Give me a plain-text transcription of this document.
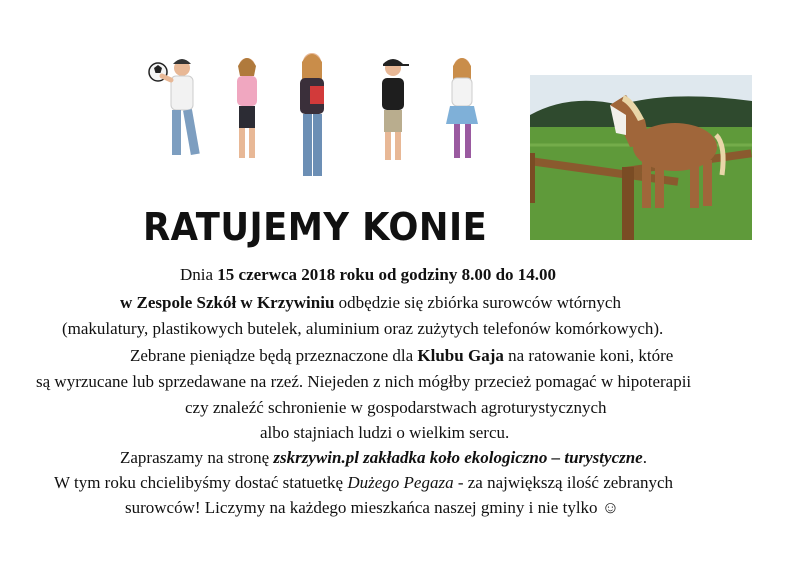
RATUJEMY KONIE
Dnia 15 czerwca 2018 roku od godziny 8.00 do 14.00
w Zespole Szkół w Krzywiniu odbędzie się zbiórka surowców wtórnych
(makulatury, plastikowych butelek, aluminium oraz zużytych telefonów komórkowych).
Zebrane pieniądze będą przeznaczone dla Klubu Gaja na ratowanie koni, które
są wyrzucane lub sprzedawane na rzeź. Niejeden z nich mógłby przecież pomagać w hipoterapii
czy znaleźć schronienie w gospodarstwach agroturystycznych
albo stajniach ludzi o wielkim sercu.
Zapraszamy na stronę zskrzywin.pl zakładka koło ekologiczno – turystyczne.
W tym roku chcielibyśmy dostać statuetkę Dużego Pegaza - za największą ilość zebranych
surowców! Liczymy na każdego mieszkańca naszej gminy i nie tylko ☺
